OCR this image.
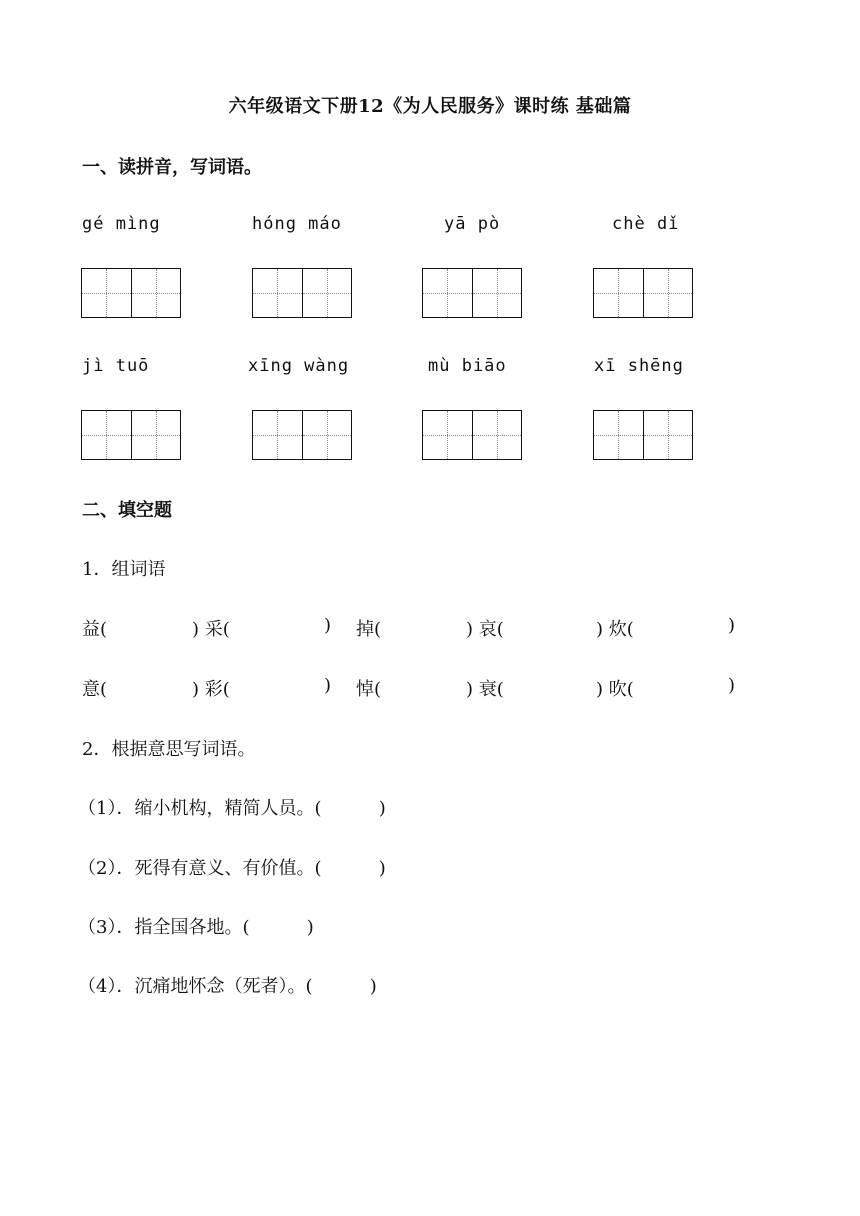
六年级语文下册12《为人民服务》课时练 基础篇
一、读拼音，写词语。
gé mìng	hóng máo	yā pò	chè dǐ
jì tuō	xīng wàng	mù biāo	xī shēng
二、填空题
1．组词语
益(	) 采(	) 掉(	) 哀(	) 炊(	)
意(	) 彩(	) 悼(	) 衰(	) 吹(	)
2．根据意思写词语。
（1）．缩小机构，精简人员。(          )
（2）．死得有意义、有价值。(          )
（3）．指全国各地。(          )
（4）．沉痛地怀念（死者）。(          )
